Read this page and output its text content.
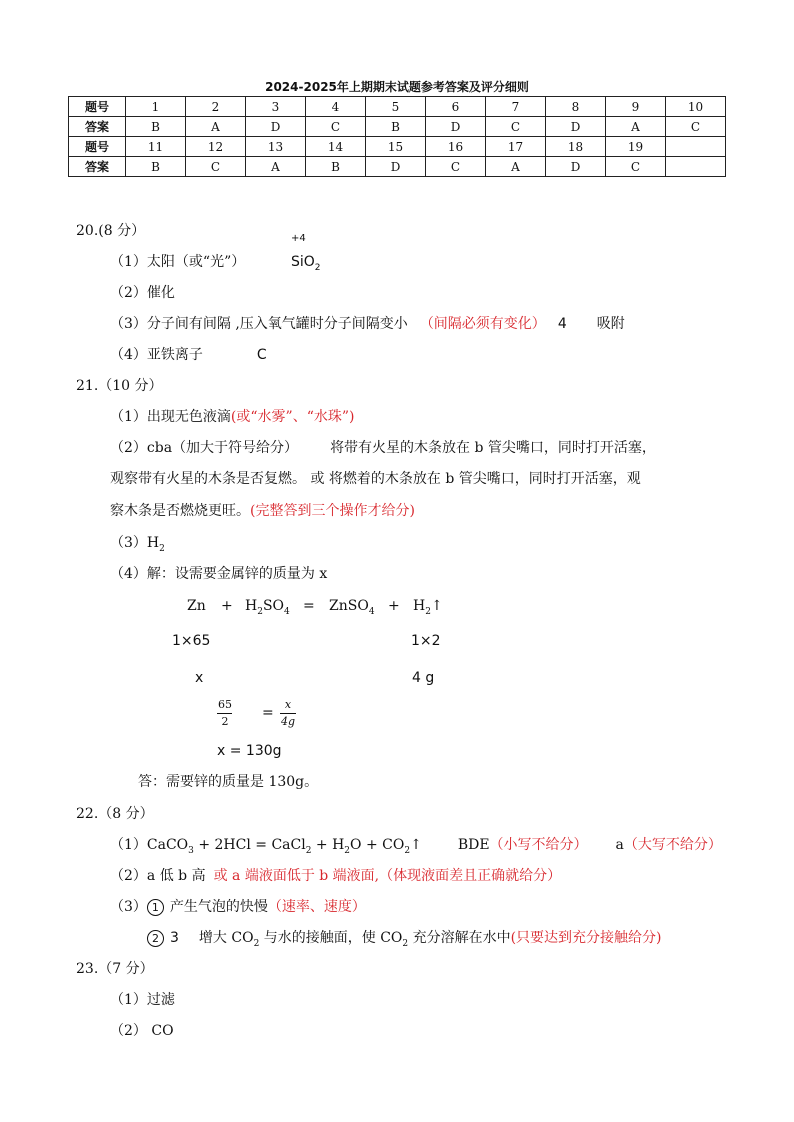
2024-2025年上期期末试题参考答案及评分细则
题号	1	2	3	4	5	6	7	8	9	10
答案	B	A	D	C	B	D	C	D	A	C
题号	11	12	13	14	15	16	17	18	19	
答案	B	C	A	B	D	C	A	D	C	
20.(8 分）
（1）太阳（或“光”）
+4
SiO$_2$
（2）催化
（3）分子间有间隔 ,压入氧气罐时分子间隔变小 （间隔必须有变化） 4 吸附
（4）亚铁离子	C
21.（10 分）
（1）出现无色液滴(或“水雾”、“水珠”)
（2）cba（加大于符号给分） 将带有火星的木条放在 b 管尖嘴口，同时打开活塞，
观察带有火星的木条是否复燃。 或 将燃着的木条放在 b 管尖嘴口，同时打开活塞，观
察木条是否燃烧更旺。(完整答到三个操作才给分)
$(3)H_2$
（4）解：设需要金属锌的质量为 x
$Zn + H_2SO_4$ = ZnSO$_4$ + $H_2↑$
1×65	1×2
x	4 g
65
2
=
x
4g
x = 130g
答：需要锌的质量是 130g。
22.（8 分）
（1）CaCO$_3$ + 2HCl = CaCl$_2$ + $H_2O$ + $CO_2↑$	BDE（小写不给分） a（大写不给分）
（2）a 低 b 高 或 a 端液面低于 b 端液面,（体现液面差且正确就给分）
（3） 1 产生气泡的快慢（速率、速度）
2 3 增大 $CO_2$ 与水的接触面，使 $CO_2$ 充分溶解在水中(只要达到充分接触给分)
23.（7 分）
（1）过滤
（2） CO
